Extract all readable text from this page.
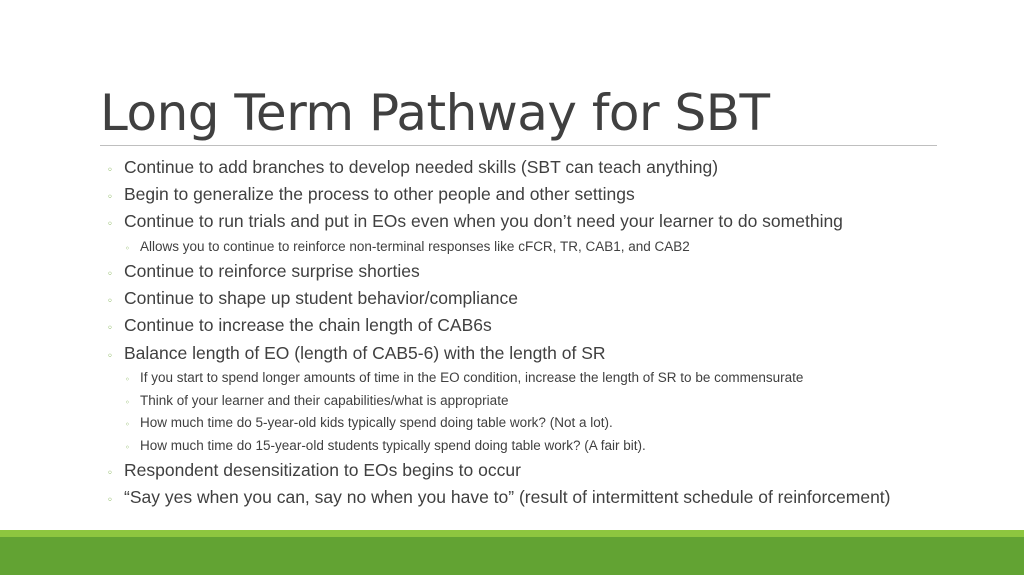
Long Term Pathway for SBT
◦ Continue to add branches to develop needed skills (SBT can teach anything)
◦ Begin to generalize the process to other people and other settings
◦ Continue to run trials and put in EOs even when you don’t need your learner to do something
◦ Allows you to continue to reinforce non-terminal responses like cFCR, TR, CAB1, and CAB2
◦ Continue to reinforce surprise shorties
◦ Continue to shape up student behavior/compliance
◦ Continue to increase the chain length of CAB6s
◦ Balance length of EO (length of CAB5-6) with the length of SR
◦ If you start to spend longer amounts of time in the EO condition, increase the length of SR to be commensurate
◦ Think of your learner and their capabilities/what is appropriate
◦ How much time do 5-year-old kids typically spend doing table work? (Not a lot).
◦ How much time do 15-year-old students typically spend doing table work? (A fair bit).
◦ Respondent desensitization to EOs begins to occur
◦ “Say yes when you can, say no when you have to” (result of intermittent schedule of reinforcement)
